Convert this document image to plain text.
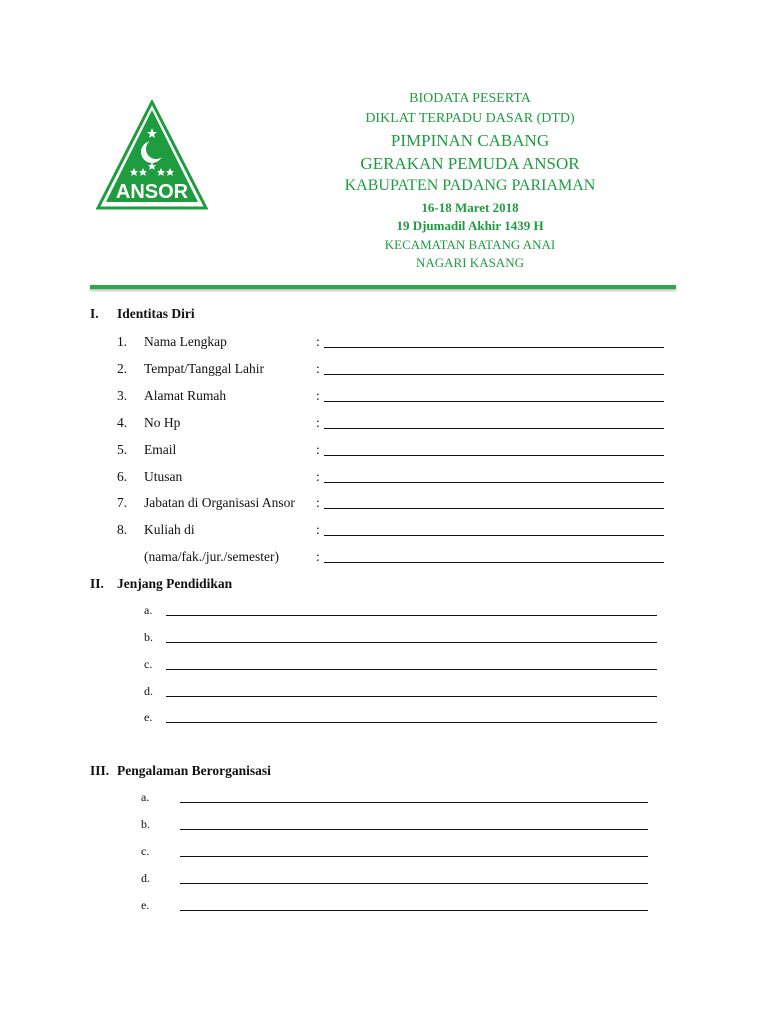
ANSOR
BIODATA PESERTA
DIKLAT TERPADU DASAR (DTD)
PIMPINAN CABANG
GERAKAN PEMUDA ANSOR
KABUPATEN PADANG PARIAMAN
16-18 Maret 2018
19 Djumadil Akhir 1439 H
KECAMATAN BATANG ANAI
NAGARI KASANG
I. Identitas Diri
1. Nama Lengkap	:
2. Tempat/Tanggal Lahir	:
3. Alamat Rumah	:
4. No Hp	:
5. Email	:
6. Utusan	:
7. Jabatan di Organisasi Ansor :
8. Kuliah di	:
(nama/fak./jur./semester)	:
II. Jenjang Pendidikan
a.
b.
c.
d.
e.
III. Pengalaman Berorganisasi
a.
b.
c.
d.
e.
